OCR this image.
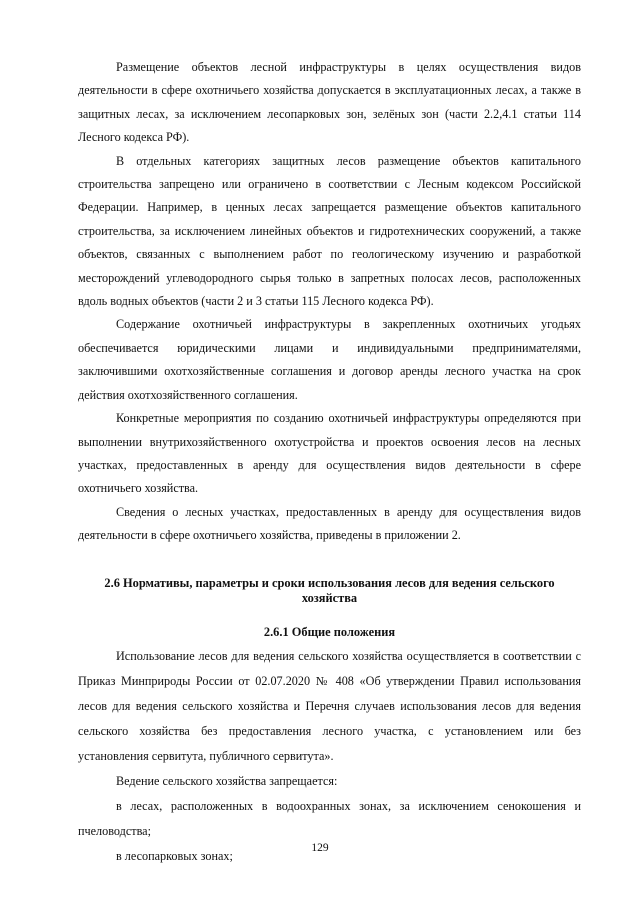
Размещение объектов лесной инфраструктуры в целях осуществления видов деятельности в сфере охотничьего хозяйства допускается в эксплуатационных лесах, а также в защитных лесах, за исключением лесопарковых зон, зелёных зон (части 2.2,4.1 статьи 114 Лесного кодекса РФ).

В отдельных категориях защитных лесов размещение объектов капитального строительства запрещено или ограничено в соответствии с Лесным кодексом Российской Федерации. Например, в ценных лесах запрещается размещение объектов капитального строительства, за исключением линейных объектов и гидротехнических сооружений, а также объектов, связанных с выполнением работ по геологическому изучению и разработкой месторождений углеводородного сырья только в запретных полосах лесов, расположенных вдоль водных объектов (части 2 и 3 статьи 115 Лесного кодекса РФ).

Содержание охотничьей инфраструктуры в закрепленных охотничьих угодьях обеспечивается юридическими лицами и индивидуальными предпринимателями, заключившими охотхозяйственные соглашения и договор аренды лесного участка на срок действия охотхозяйственного соглашения.

Конкретные мероприятия по созданию охотничьей инфраструктуры определяются при выполнении внутрихозяйственного охотустройства и проектов освоения лесов на лесных участках, предоставленных в аренду для осуществления видов деятельности в сфере охотничьего хозяйства.

Сведения о лесных участках, предоставленных в аренду для осуществления видов деятельности в сфере охотничьего хозяйства, приведены в приложении 2.

2.6 Нормативы, параметры и сроки использования лесов для ведения сельского хозяйства
2.6.1 Общие положения

Использование лесов для ведения сельского хозяйства осуществляется в соответствии с Приказ Минприроды России от 02.07.2020 № 408 «Об утверждении Правил использования лесов для ведения сельского хозяйства и Перечня случаев использования лесов для ведения сельского хозяйства без предоставления лесного участка, с установлением или без установления сервитута, публичного сервитута».

Ведение сельского хозяйства запрещается:

в лесах, расположенных в водоохранных зонах, за исключением сенокошения и пчеловодства;

в лесопарковых зонах;

129
